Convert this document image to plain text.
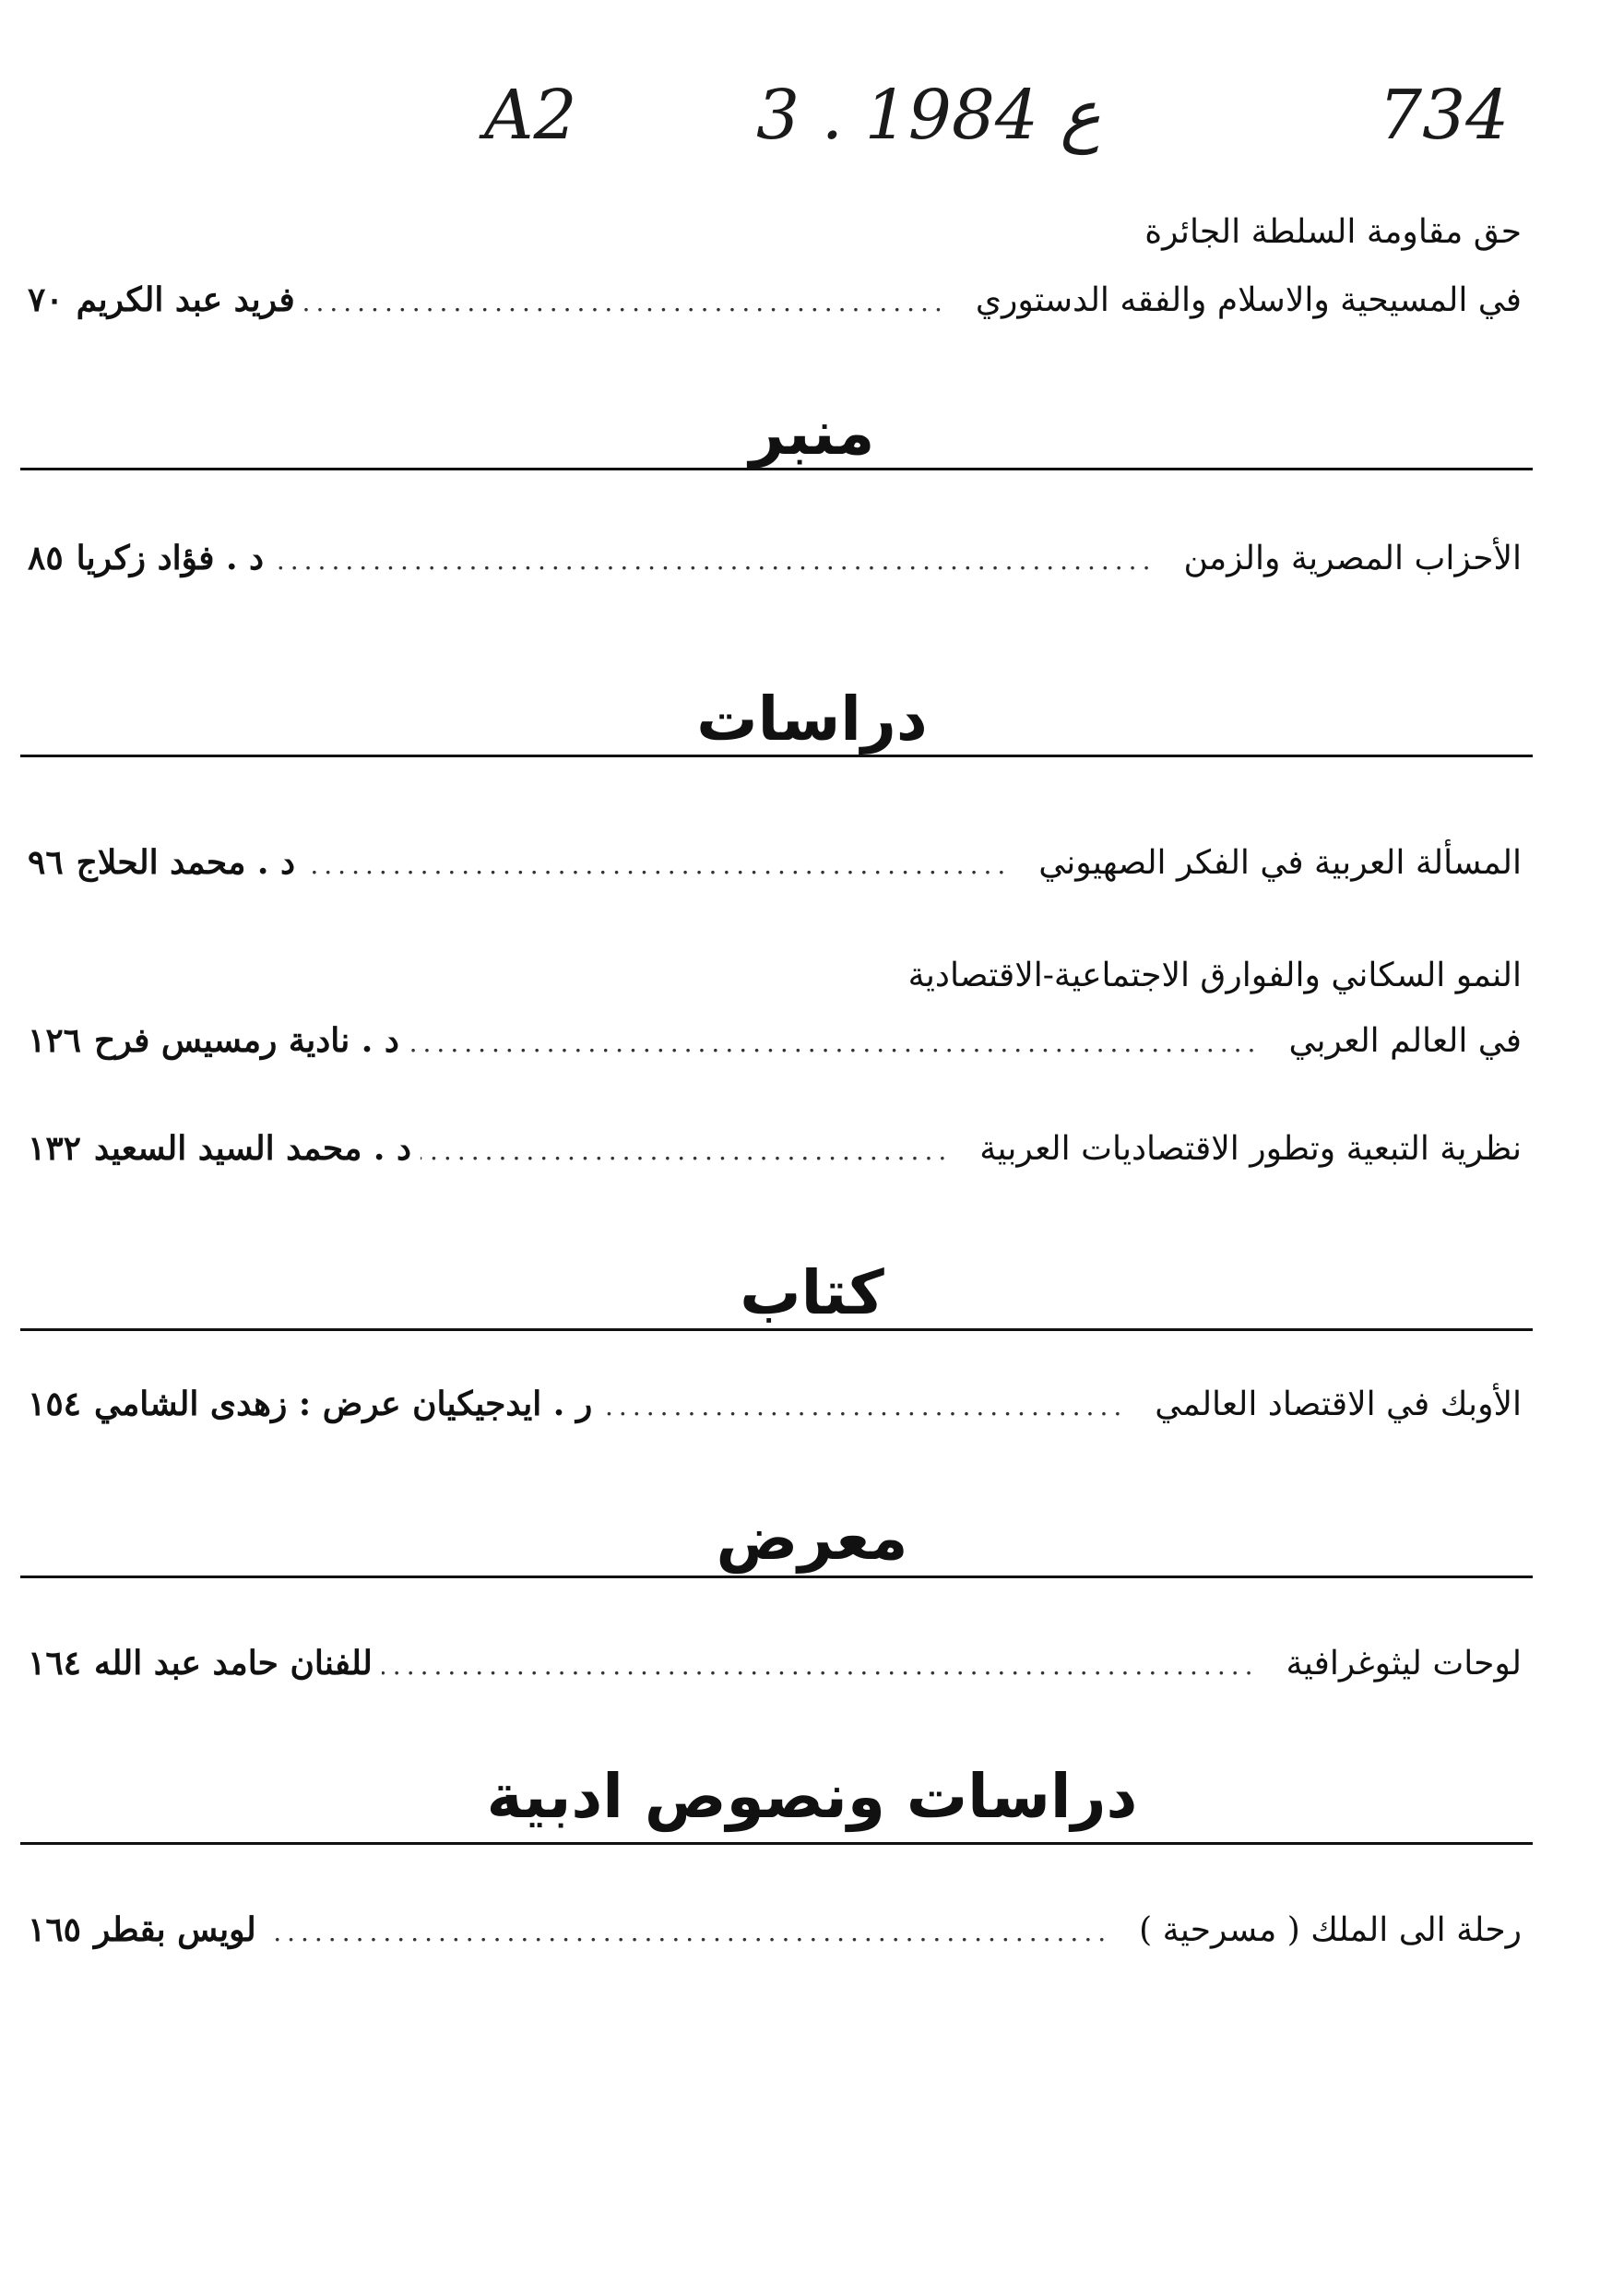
A2	3 . ع 1984	734
حق مقاومة السلطة الجائرة
في المسيحية والاسلام والفقه الدستوري
.....
فريد عبد الكريم
٧٠
منبر
الأحزاب المصرية والزمن
.....
د . فؤاد زكريا
٨٥
دراسات
المسألة العربية في الفكر الصهيوني
.....
د . محمد الحلاج
٩٦
النمو السكاني والفوارق الاجتماعية-الاقتصادية
في العالم العربي
.....
د . نادية رمسيس فرح
١٢٦
نظرية التبعية وتطور الاقتصاديات العربية
.....
د . محمد السيد السعيد
١٣٢
كتاب
الأوبك في الاقتصاد العالمي
.....
ر . ايدجيكيان عرض : زهدى الشامي
١٥٤
معرض
لوحات ليثوغرافية
.....
للفنان حامد عبد الله
١٦٤
دراسات ونصوص ادبية
رحلة الى الملك ( مسرحية )
.....
لويس بقطر
١٦٥
